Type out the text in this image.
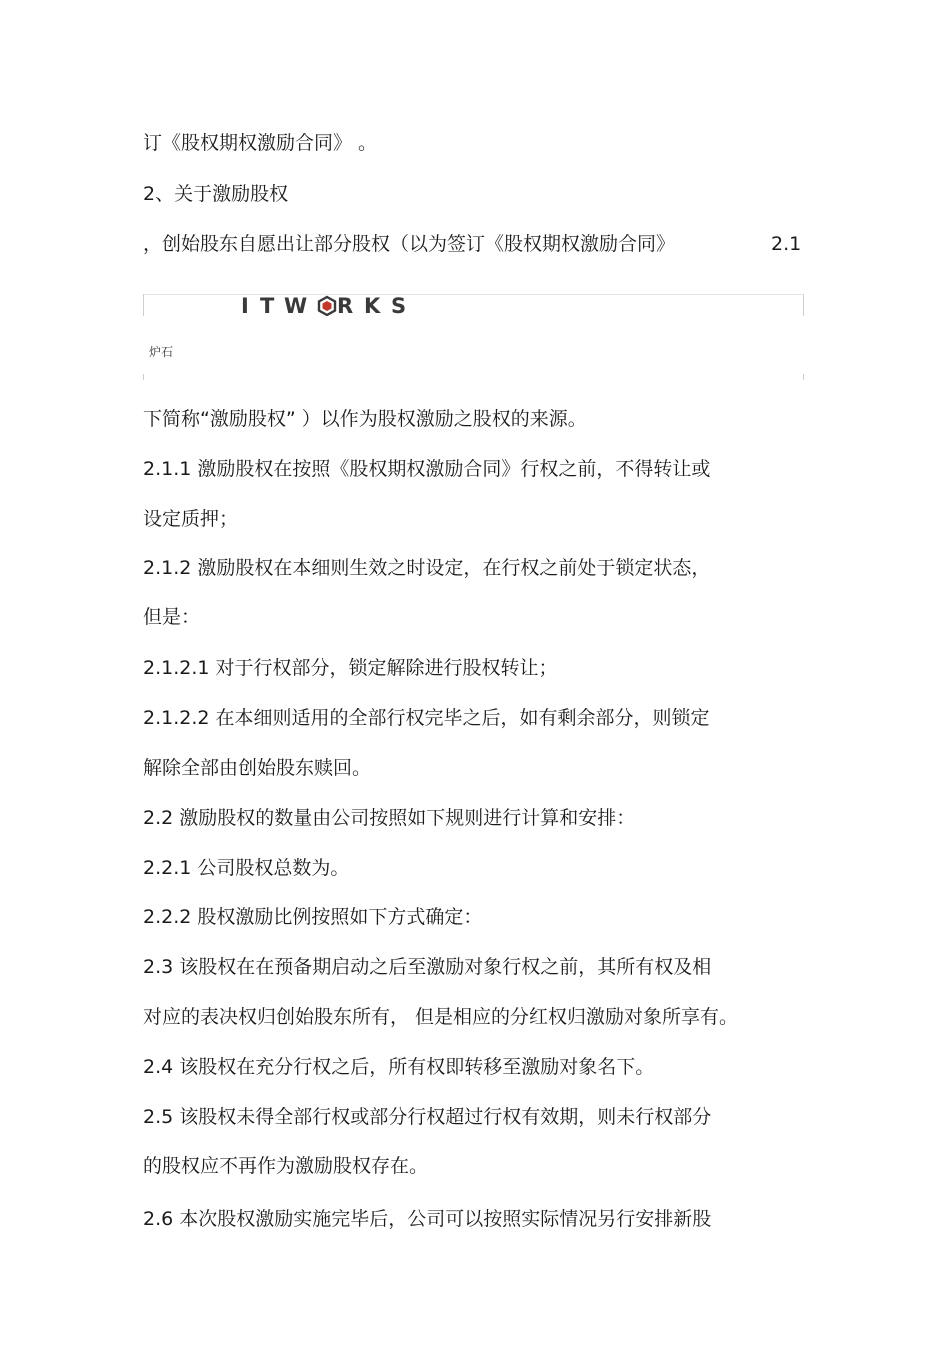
订《股权期权激励合同》 。
2、关于激励股权
，创始股东自愿出让部分股权（以为签订《股权期权激励合同》	2.1
I T W R K S
炉石
下简称“激励股权” ）以作为股权激励之股权的来源。
2.1.1 激励股权在按照《股权期权激励合同》行权之前，不得转让或
设定质押；
2.1.2 激励股权在本细则生效之时设定，在行权之前处于锁定状态，
但是：
2.1.2.1 对于行权部分，锁定解除进行股权转让；
2.1.2.2 在本细则适用的全部行权完毕之后，如有剩余部分，则锁定
解除全部由创始股东赎回。
2.2 激励股权的数量由公司按照如下规则进行计算和安排：
2.2.1 公司股权总数为。
2.2.2 股权激励比例按照如下方式确定：
2.3 该股权在在预备期启动之后至激励对象行权之前，其所有权及相
对应的表决权归创始股东所有， 但是相应的分红权归激励对象所享有。
2.4 该股权在充分行权之后，所有权即转移至激励对象名下。
2.5 该股权未得全部行权或部分行权超过行权有效期，则未行权部分
的股权应不再作为激励股权存在。
2.6 本次股权激励实施完毕后，公司可以按照实际情况另行安排新股
